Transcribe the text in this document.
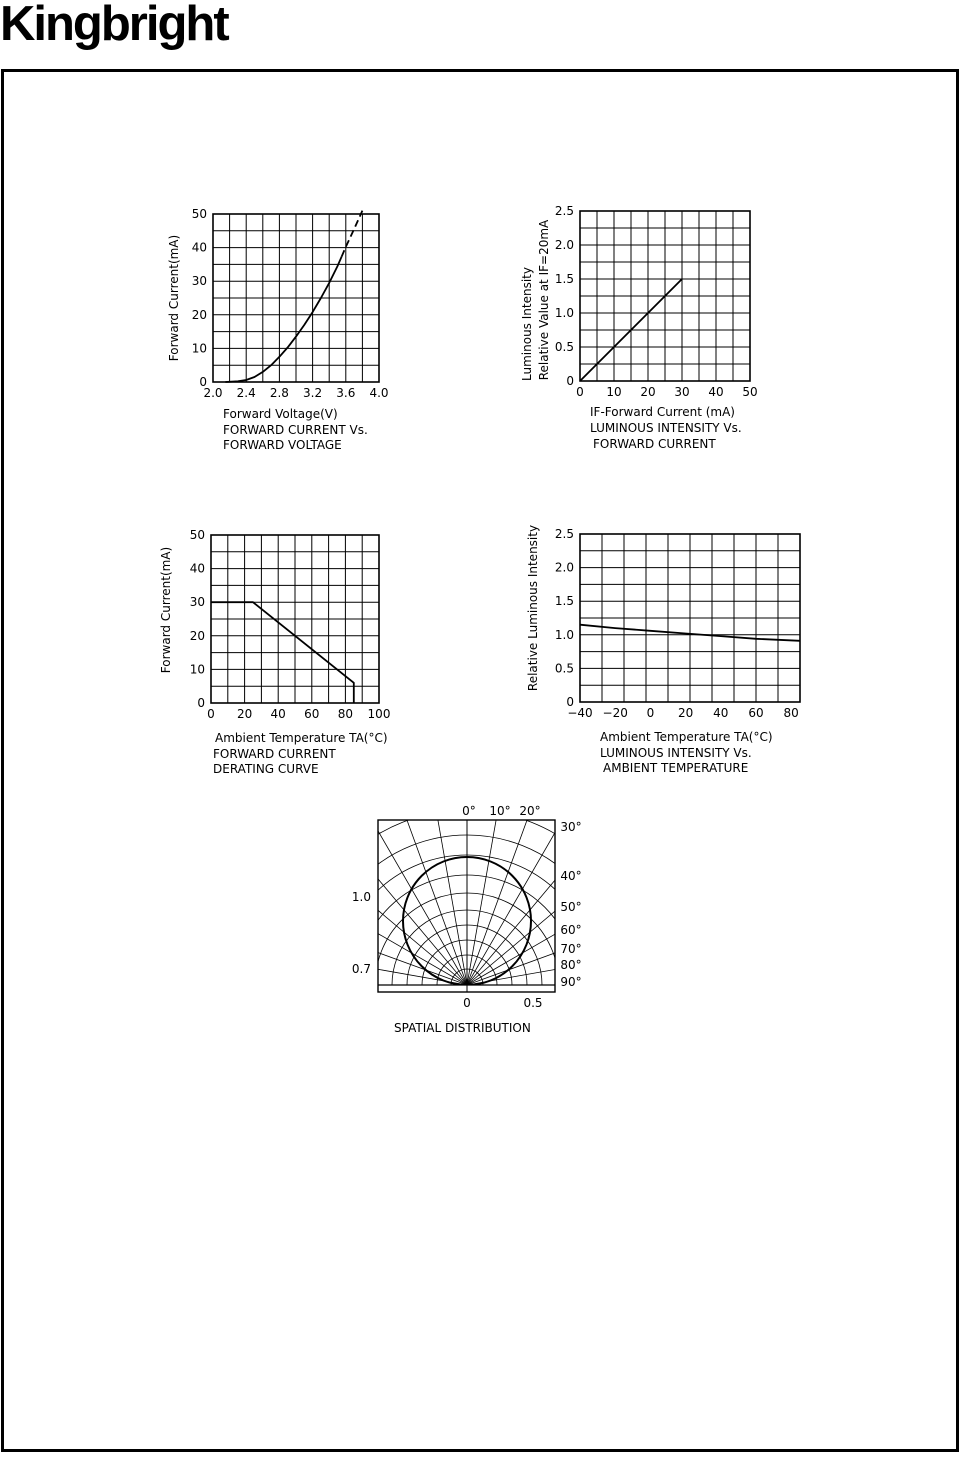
Kingbright
2.0 2.4 2.8 3.2 3.6 4.0
0
10
20
30
40
50
Forward Current(mA)
0 10 20 30 40 50
0
0.5
1.0
1.5
2.0
2.5
Luminous Intensity Relative Value at IF=20mA
0 20 40 60 80 100
0
10
20
30
40
50
Forward Current(mA)
−40 −20 0 20 40 60 80
0
0.5
1.0
1.5
2.0
2.5
Relative Luminous Intensity
0° 10° 20°
30°
40°
50°
60°
70°
80°
90°
1.0
0.7
0	0.5
Forward Voltage(V)
FORWARD CURRENT Vs.
FORWARD VOLTAGE
IF-Forward Current (mA)
LUMINOUS INTENSITY Vs.
FORWARD CURRENT
Ambient Temperature TA(°C)
FORWARD CURRENT
DERATING CURVE
Ambient Temperature TA(°C)
LUMINOUS INTENSITY Vs.
AMBIENT TEMPERATURE
SPATIAL DISTRIBUTION
